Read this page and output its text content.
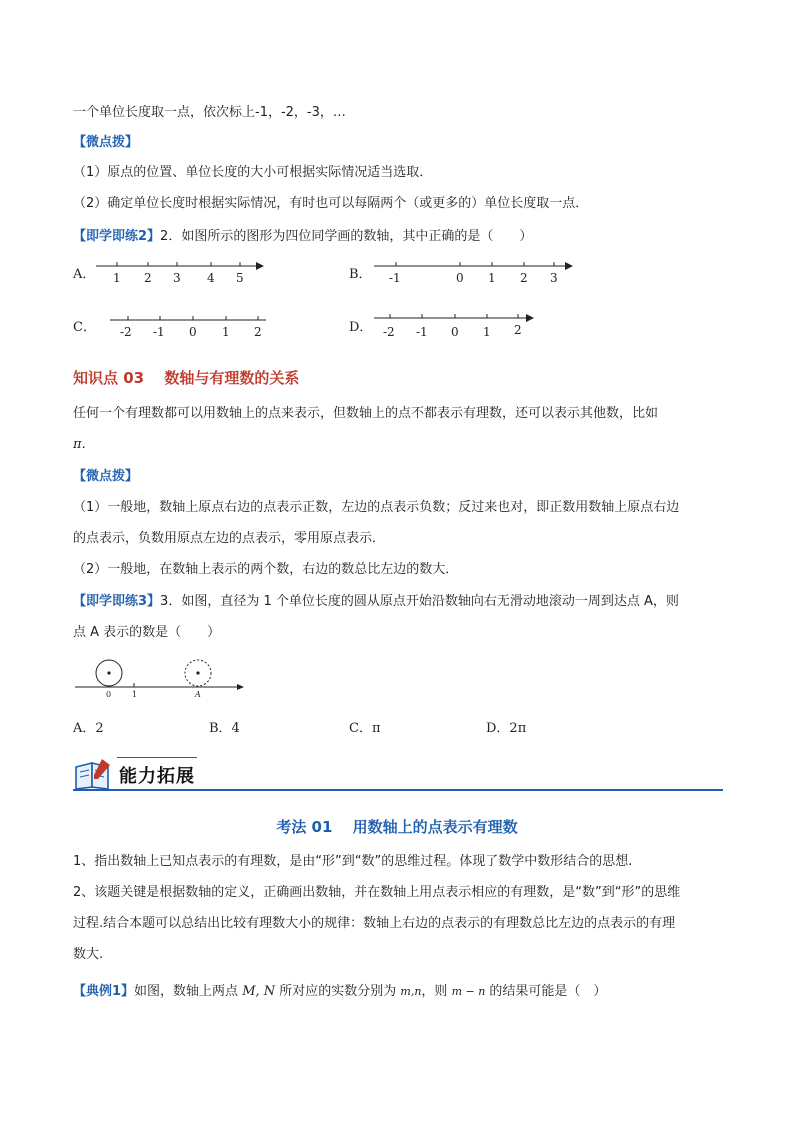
一个单位长度取一点，依次标上-1，-2，-3，…
【微点拨】
（1）原点的位置、单位长度的大小可根据实际情况适当选取．
（2）确定单位长度时根据实际情况，有时也可以每隔两个（或更多的）单位长度取一点．
【即学即练2】2．如图所示的图形为四位同学画的数轴，其中正确的是（　　）
A． 1 2 3 4 5	B． -1	0 1 2 3
C． -2 -1 0 1 2	D． -2 -1 0 1 2
知识点 03　 数轴与有理数的关系
任何一个有理数都可以用数轴上的点来表示，但数轴上的点不都表示有理数，还可以表示其他数，比如
π．
【微点拨】
（1）一般地，数轴上原点右边的点表示正数，左边的点表示负数；反过来也对，即正数用数轴上原点右边
的点表示，负数用原点左边的点表示，零用原点表示．
（2）一般地，在数轴上表示的两个数，右边的数总比左边的数大．
【即学即练3】3．如图，直径为 1 个单位长度的圆从原点开始沿数轴向右无滑动地滚动一周到达点 A，则
点 A 表示的数是（　　）
0	1	A
A．2	B．4	C．π	D．2π
能力拓展
考法 01　 用数轴上的点表示有理数
1、指出数轴上已知点表示的有理数，是由“形”到“数”的思维过程。体现了数学中数形结合的思想.
2、该题关键是根据数轴的定义，正确画出数轴，并在数轴上用点表示相应的有理数，是“数”到“形”的思维
过程.结合本题可以总结出比较有理数大小的规律：数轴上右边的点表示的有理数总比左边的点表示的有理
数大.
【典例1】如图，数轴上两点 M, N 所对应的实数分别为 m,n，则 m − n 的结果可能是（　）
